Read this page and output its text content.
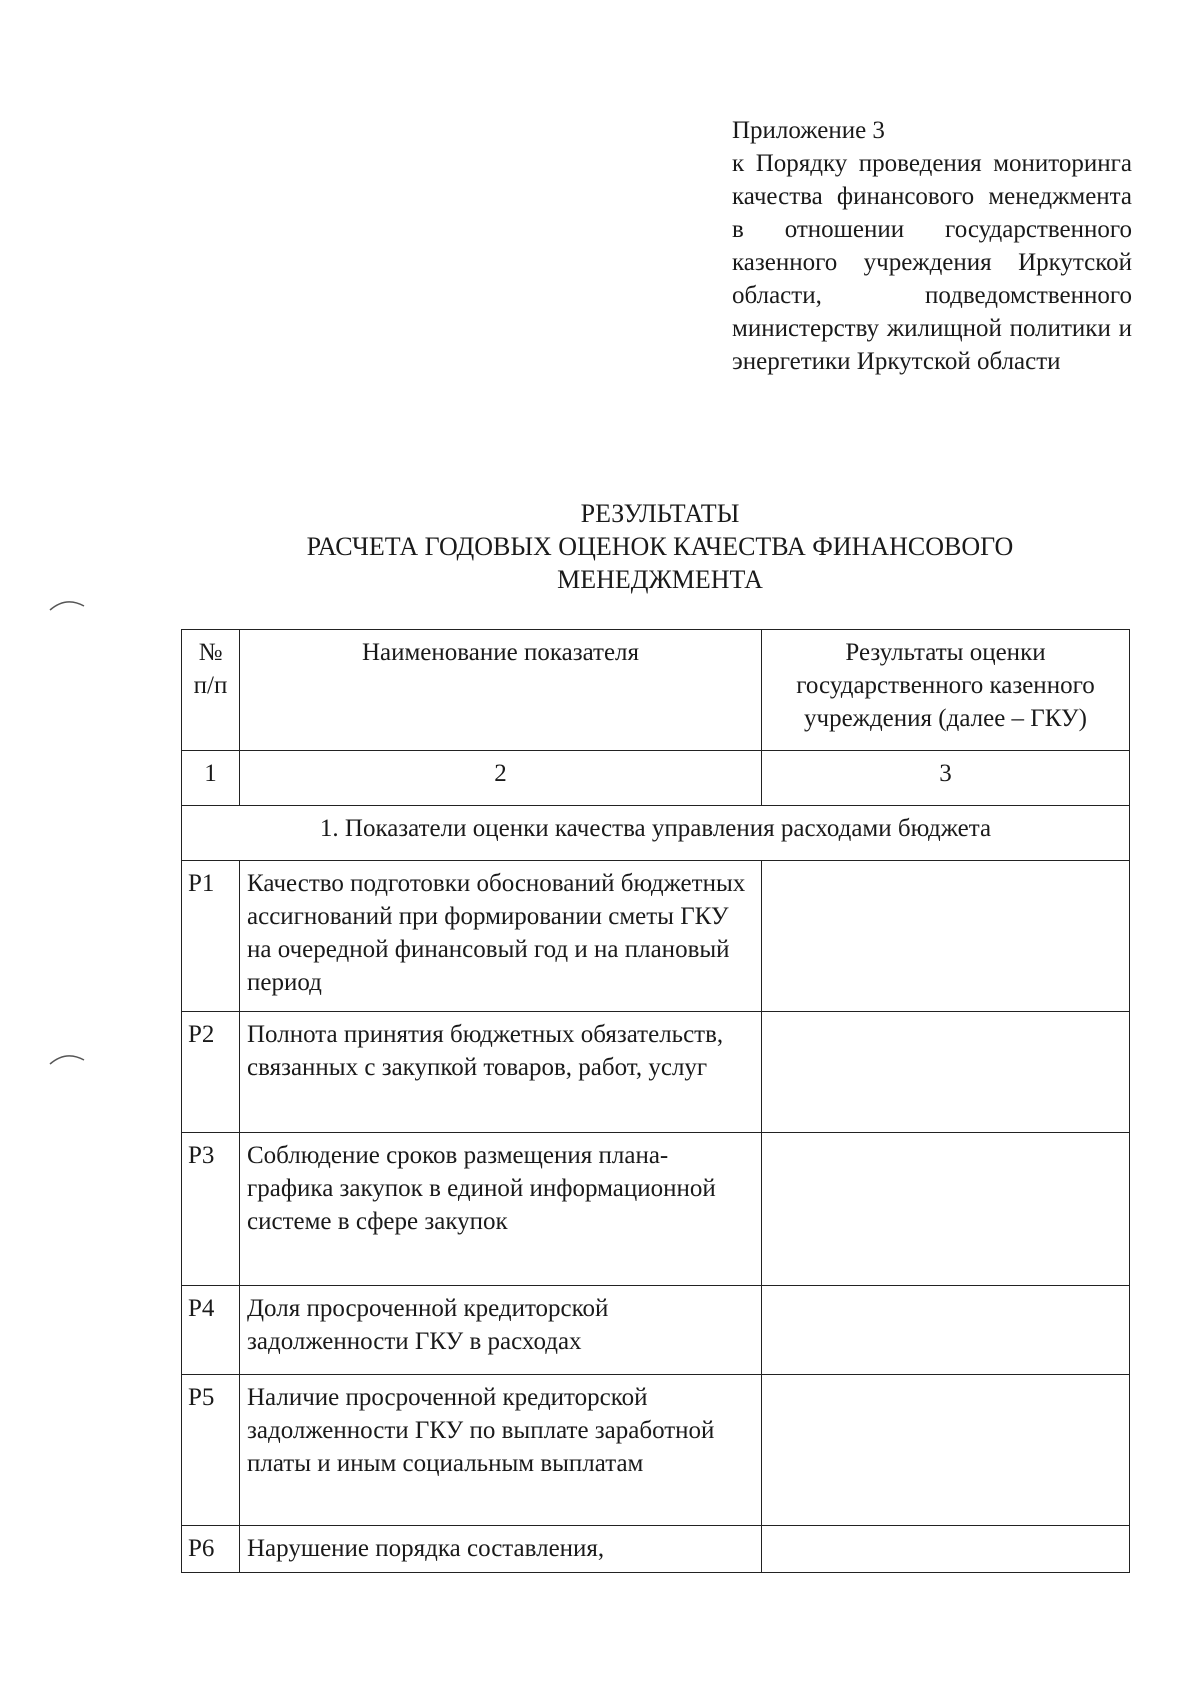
Приложение 3
к Порядку проведения мониторинга качества финансового менеджмента в отношении государственного казенного учреждения Иркутской области, подведомственного министерству жилищной политики и энергетики Иркутской области
РЕЗУЛЬТАТЫ
РАСЧЕТА ГОДОВЫХ ОЦЕНОК КАЧЕСТВА ФИНАНСОВОГО
МЕНЕДЖМЕНТА
№ п/п	Наименование показателя	Результаты оценки государственного казенного учреждения (далее – ГКУ)
1	2	3
1. Показатели оценки качества управления расходами бюджета		
P1	Качество подготовки обоснований бюджетных ассигнований при формировании сметы ГКУ на очередной финансовый год и на плановый период	
P2	Полнота принятия бюджетных обязательств, связанных с закупкой товаров, работ, услуг	
P3	Соблюдение сроков размещения плана-графика закупок в единой информационной системе в сфере закупок	
P4	Доля просроченной кредиторской задолженности ГКУ в расходах	
P5	Наличие просроченной кредиторской задолженности ГКУ по выплате заработной платы и иным социальным выплатам	
P6	Нарушение порядка составления,	
